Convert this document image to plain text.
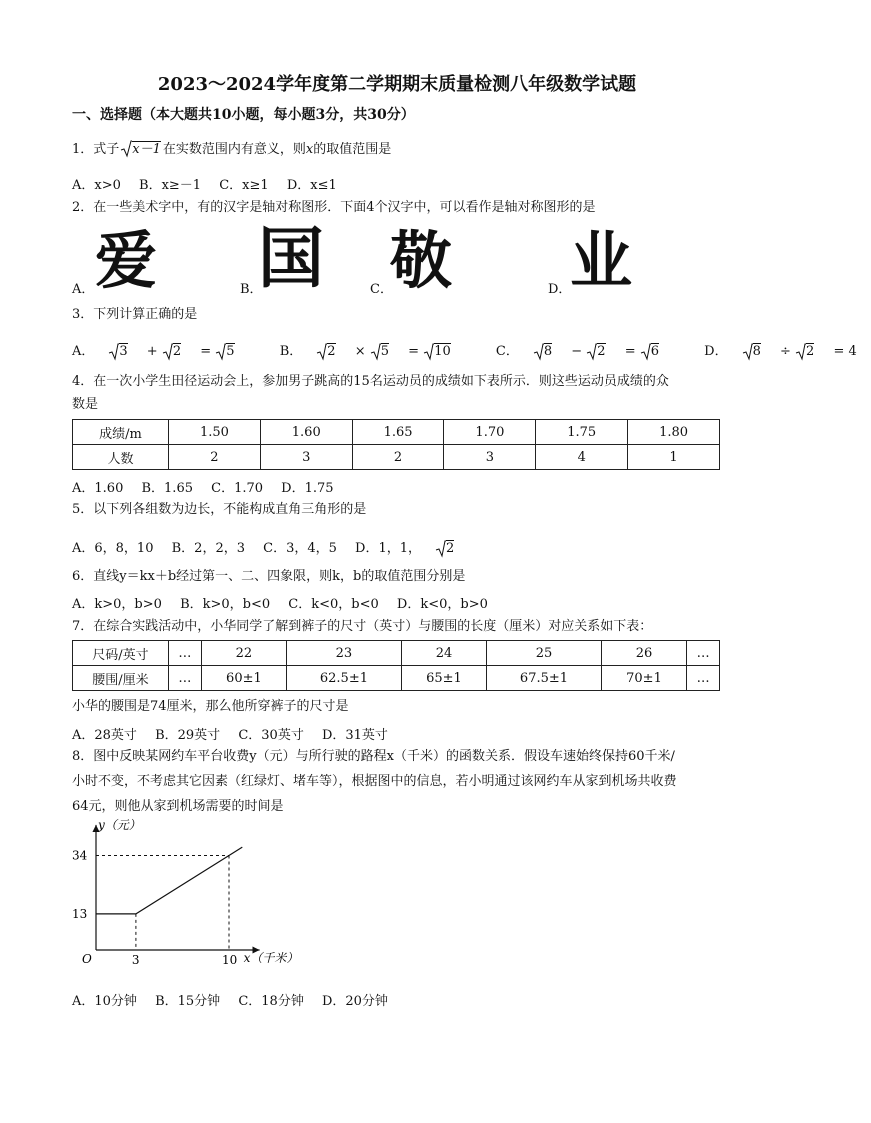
2023～2024学年度第二学期期末质量检测八年级数学试题
一、选择题（本大题共10小题，每小题3分，共30分）
1．式子 x－1 在实数范围内有意义，则x的取值范围是
A．x>0 B．x≥－1 C．x≥1 D．x≤1
2．在一些美术字中，有的汉字是轴对称图形．下面4个汉字中，可以看作是轴对称图形的是
A． 爱	B．
国	C．
敬	D．
业
3．下列计算正确的是
A． 3 +
2 =
5	B． 2 ×
5 =
10	C． 8 −
2 =
6	D． 8 ÷
2 = 4
4．在一次小学生田径运动会上，参加男子跳高的15名运动员的成绩如下表所示．则这些运动员成绩的众
数是
成绩/m	1.50	1.60	1.65	1.70	1.75	1.80
人数	2	3	2	3	4	1
A．1.60 B．1.65 C．1.70 D．1.75
5．以下列各组数为边长，不能构成直角三角形的是
A．6，8，10 B．2，2，3 C．3，4，5 D．1，1， 2
6．直线y＝kx＋b经过第一、二、四象限，则k，b的取值范围分别是
A．k>0，b>0 B．k>0，b<0 C．k<0，b<0 D．k<0，b>0
7．在综合实践活动中，小华同学了解到裤子的尺寸（英寸）与腰围的长度（厘米）对应关系如下表：
尺码/英寸	…	22	23	24	25	26	…
腰围/厘米	…	60±1	62.5±1	65±1	67.5±1	70±1	…
小华的腰围是74厘米，那么他所穿裤子的尺寸是
A．28英寸 B．29英寸 C．30英寸 D．31英寸
8．图中反映某网约车平台收费y（元）与所行驶的路程x（千米）的函数关系．假设车速始终保持60千米/
小时不变，不考虑其它因素（红绿灯、堵车等），根据图中的信息，若小明通过该网约车从家到机场共收费
64元，则他从家到机场需要的时间是
y（元）
x（千米）
O	3	10
13
34
A．10分钟 B．15分钟 C．18分钟 D．20分钟
